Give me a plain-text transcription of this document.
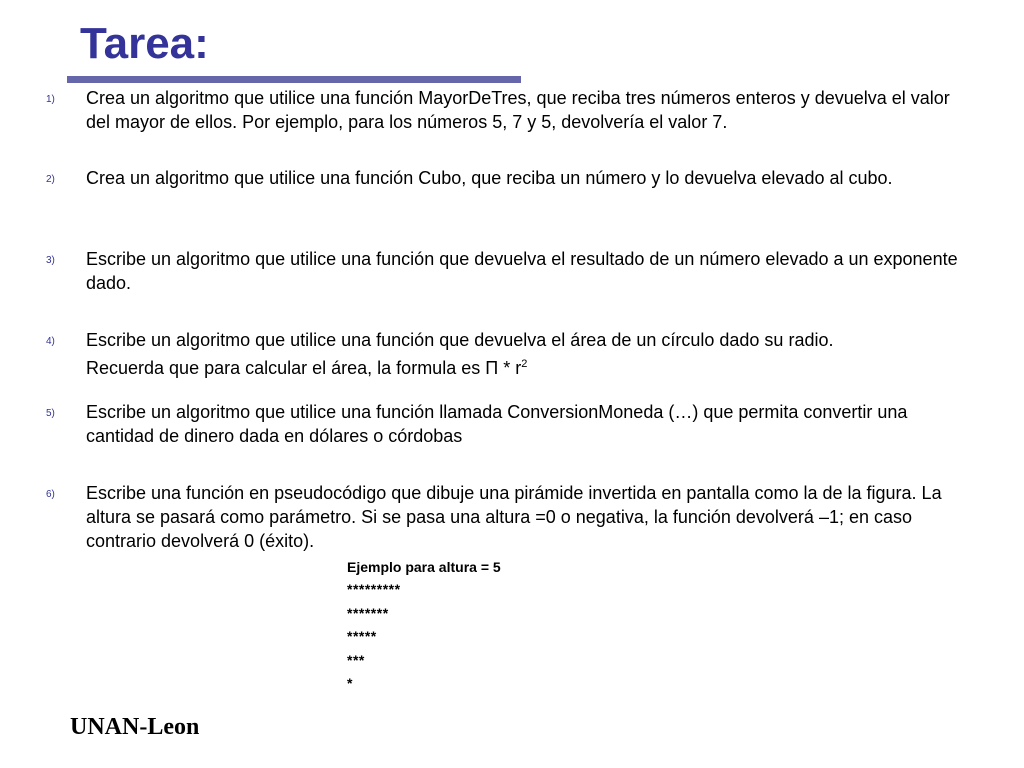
Tarea:
1) Crea un algoritmo que utilice una función MayorDeTres, que reciba tres números enteros y devuelva el valor del mayor de ellos. Por ejemplo, para los números 5, 7 y 5, devolvería el valor 7.
2) Crea un algoritmo que utilice una función Cubo, que reciba un número y lo devuelva elevado al cubo.
3) Escribe un algoritmo que utilice una función que devuelva el resultado de un número elevado a un exponente dado.
4) Escribe un algoritmo que utilice una función que devuelva el área de un círculo dado su radio.
Recuerda que para calcular el área, la formula es Π * $r^2$
5) Escribe un algoritmo que utilice una función llamada ConversionMoneda (…) que permita convertir una cantidad de dinero dada en dólares o córdobas
6) Escribe una función en pseudocódigo que dibuje una pirámide invertida en pantalla como la de la figura. La altura se pasará como parámetro. Si se pasa una altura =0 o negativa, la función devolverá –1; en caso contrario devolverá 0 (éxito).
Ejemplo para altura = 5
*********
*******
*****
***
*
UNAN-Leon
